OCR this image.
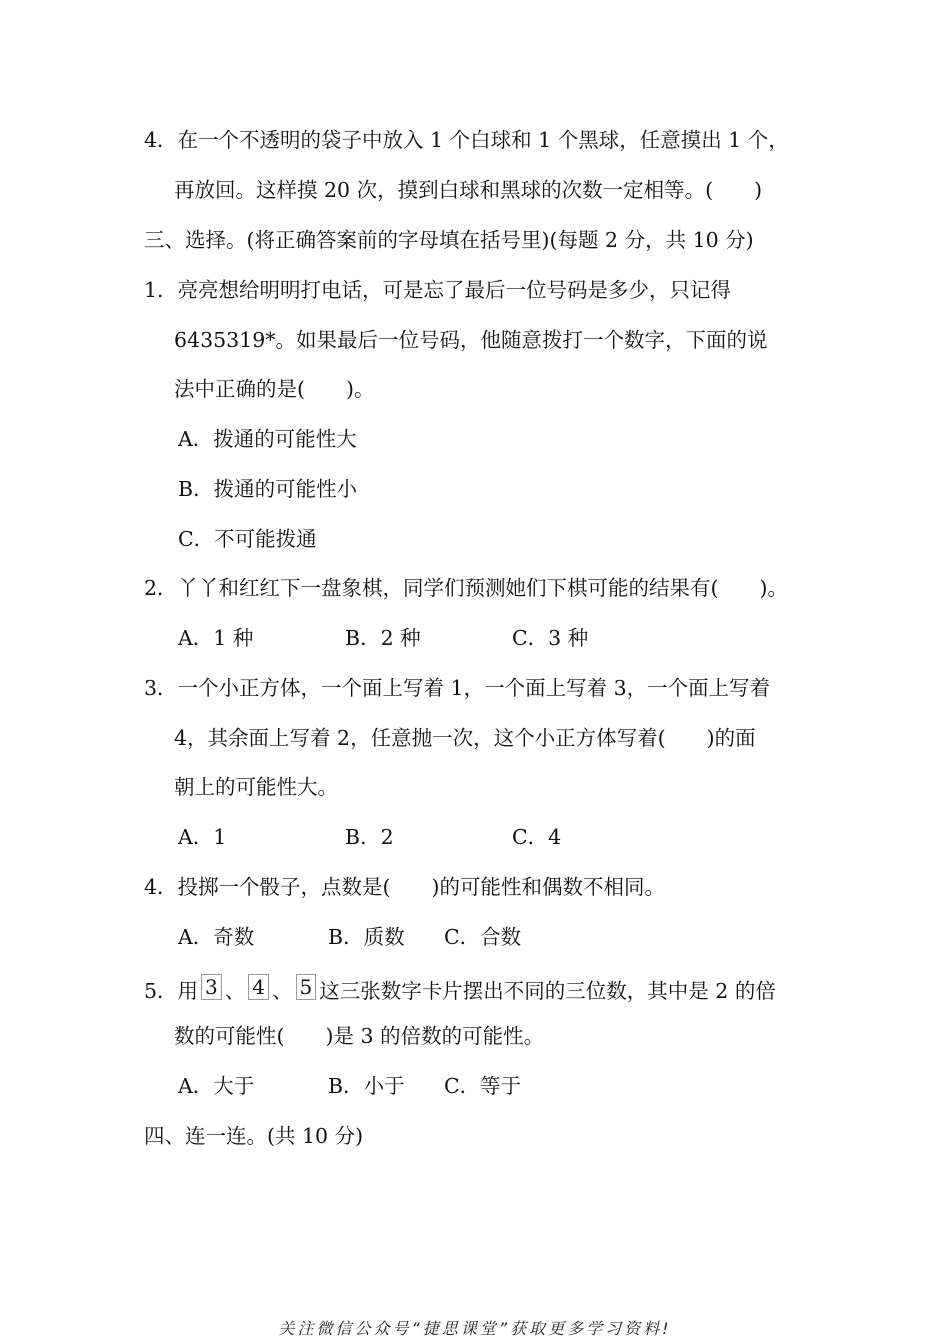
4．在一个不透明的袋子中放入 1 个白球和 1 个黑球，任意摸出 1 个，
再放回。这样摸 20 次，摸到白球和黑球的次数一定相等。(　　)
三、选择。(将正确答案前的字母填在括号里)(每题 2 分，共 10 分)
1．亮亮想给明明打电话，可是忘了最后一位号码是多少，只记得
6435319*。如果最后一位号码，他随意拨打一个数字，下面的说
法中正确的是(　　)。
A．拨通的可能性大
B．拨通的可能性小
C．不可能拨通
2．丫丫和红红下一盘象棋，同学们预测她们下棋可能的结果有(　　)。
A．1 种	B．2 种	C．3 种
3．一个小正方体，一个面上写着 1，一个面上写着 3，一个面上写着
4，其余面上写着 2，任意抛一次，这个小正方体写着(　　)的面
朝上的可能性大。
A．1	B．2	C．4
4．投掷一个骰子，点数是(　　)的可能性和偶数不相同。
A．奇数	B．质数 C．合数
5．用 3 、 4 、 5 这三张数字卡片摆出不同的三位数，其中是 2 的倍
数的可能性(　　)是 3 的倍数的可能性。
A．大于	B．小于 C．等于
四、连一连。(共 10 分)
关注微信公众号“捷思课堂”获取更多学习资料!
